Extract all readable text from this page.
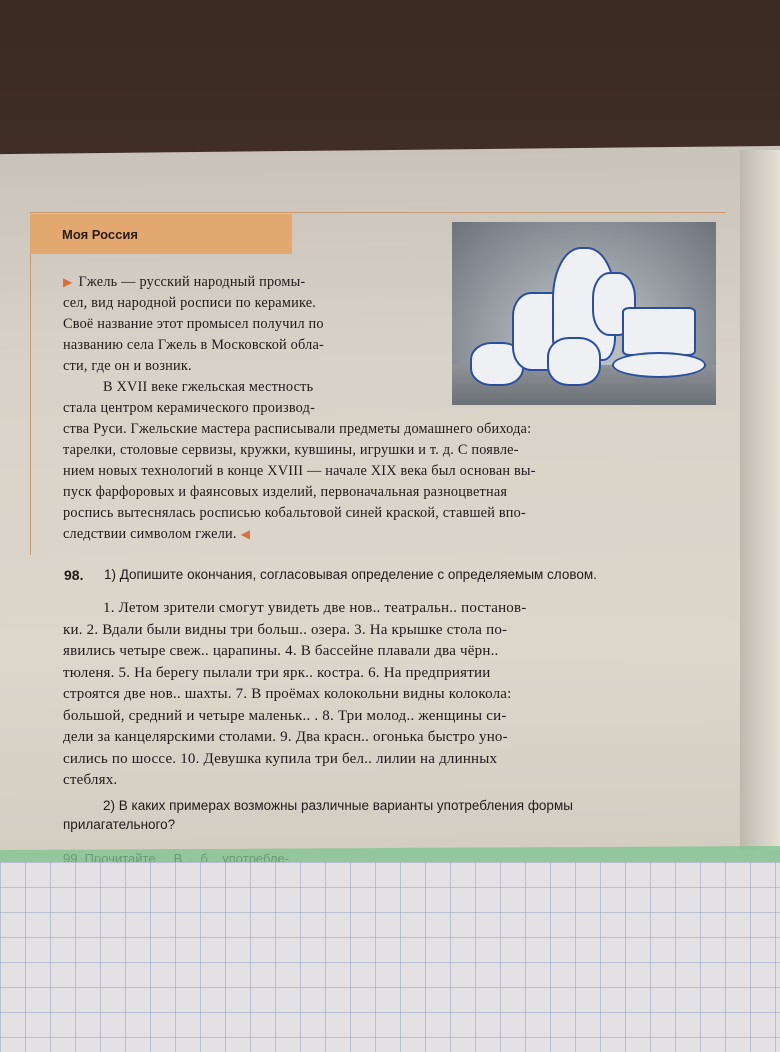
Моя Россия

▶ Гжель — русский народный промы-

сел, вид народной росписи по керамике.

Своё название этот промысел получил по

названию села Гжель в Московской обла-

сти, где он и возник.

В XVII веке гжельская местность

стала центром керамического производ-

ства Руси. Гжельские мастера расписывали предметы домашнего обихода:

тарелки, столовые сервизы, кружки, кувшины, игрушки и т. д. С появле-

нием новых технологий в конце XVIII — начале XIX века был основан вы-

пуск фарфоровых и фаянсовых изделий, первоначальная разноцветная

роспись вытеснялась росписью кобальтовой синей краской, ставшей впо-

следствии символом гжели. ◀

98. 1) Допишите окончания, согласовывая определение с определяемым словом.

1. Летом зрители смогут увидеть две нов.. театральн.. постанов-

ки. 2. Вдали были видны три больш.. озера. 3. На крышке стола по-

явились четыре свеж.. царапины. 4. В бассейне плавали два чёрн..

тюленя. 5. На берегу пылали три ярк.. костра. 6. На предприятии

строятся две нов.. шахты. 7. В проёмах колокольни видны колокола:

большой, средний и четыре маленьк.. . 8. Три молод.. женщины си-

дели за канцелярскими столами. 9. Два красн.. огонька быстро уно-

сились по шоссе. 10. Девушка купила три бел.. лилии на длинных

стеблях.

2) В каких примерах возможны различные варианты употребления формы
прилагательного?
